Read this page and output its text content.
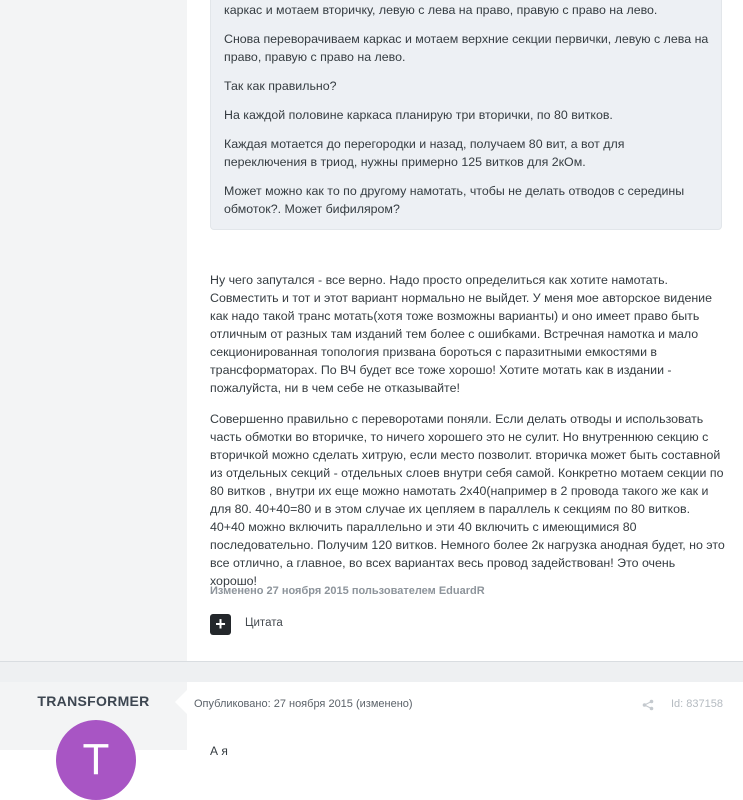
каркас и мотаем вторичку, левую с лева на право, правую с право на лево.

Снова переворачиваем каркас и мотаем верхние секции первички, левую с лева на право, правую с право на лево.

Так как правильно?

На каждой половине каркаса планирую три вторички, по 80 витков.

Каждая мотается до перегородки и назад, получаем 80 вит, а вот для переключения в триод, нужны примерно 125 витков для 2кОм.

Может можно как то по другому намотать, чтобы не делать отводов с середины обмоток?. Может бифиляром?

Ну чего запутался - все верно. Надо просто определиться как хотите намотать. Совместить и тот и этот вариант нормально не выйдет. У меня мое авторское видение как надо такой транс мотать(хотя тоже возможны варианты) и оно имеет право быть отличным от разных там изданий тем более с ошибками. Встречная намотка и мало секционированная топология призвана бороться с паразитными емкостями в трансформаторах. По ВЧ будет все тоже хорошо! Хотите мотать как в издании - пожалуйста, ни в чем себе не отказывайте!

Совершенно правильно с переворотами поняли. Если делать отводы и использовать часть обмотки во вторичке, то ничего хорошего это не сулит. Но внутреннюю секцию с вторичкой можно сделать хитрую, если место позволит. вторичка может быть составной из отдельных секций - отдельных слоев внутри себя самой. Конкретно мотаем секции по 80 витков , внутри их еще можно намотать 2х40(например в 2 провода такого же как и для 80. 40+40=80 и в этом случае их цепляем в параллель к секциям по 80 витков. 40+40 можно включить параллельно и эти 40 включить с имеющимися 80 последовательно. Получим 120 витков. Немного более 2к нагрузка анодная будет, но это все отлично, а главное, во всех вариантах весь провод задействован! Это очень хорошо!

Изменено 27 ноября 2015 пользователем EduardR
+	Цитата
TRANSFORMER
T
Опубликовано: 27 ноября 2015 (изменено)	Id: 837158
А я
